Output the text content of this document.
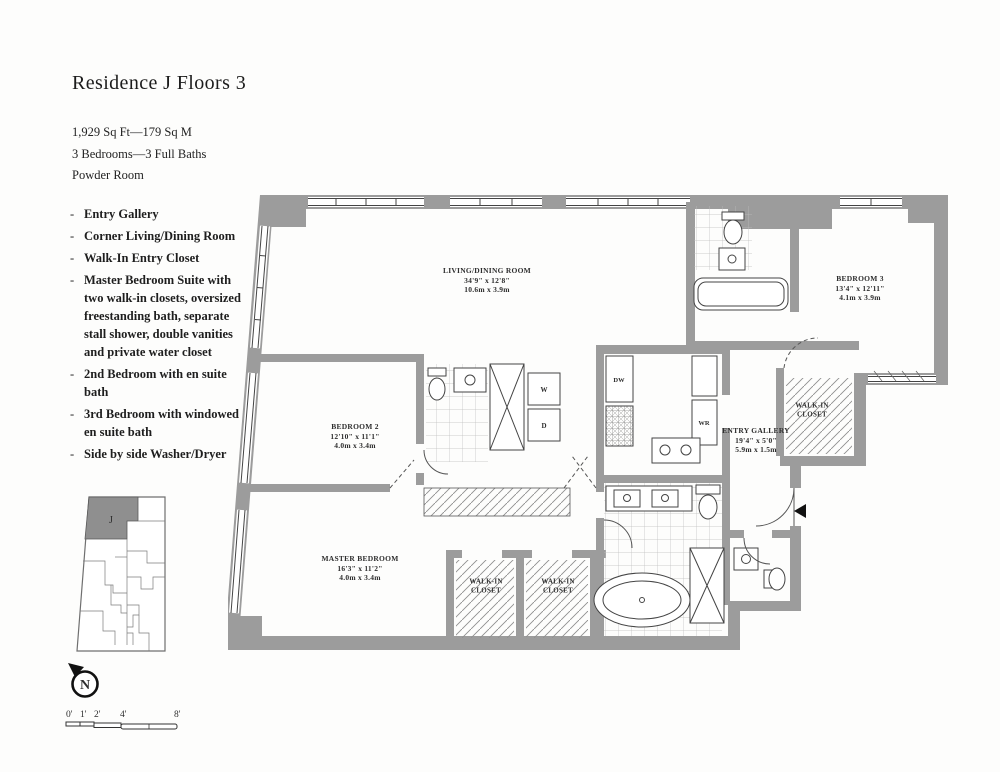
Residence J Floors 3
1,929 Sq Ft—179 Sq M
3 Bedrooms—3 Full Baths
Powder Room
- Entry Gallery
- Corner Living/Dining Room
- Walk-In Entry Closet
- Master Bedroom Suite with two walk-in closets, oversized freestanding bath, separate stall shower, double vanities and private water closet
- 2nd Bedroom with en suite bath
- 3rd Bedroom with windowed en suite bath
- Side by side Washer/Dryer
J
N
0' 1' 2' 4'	8'
W
D
DW
WR
LIVING/DINING ROOM
34'9" x 12'8"
10.6m x 3.9m
BEDROOM 3
13'4" x 12'11"
4.1m x 3.9m
BEDROOM 2
12'10" x 11'1"
4.0m x 3.4m
MASTER BEDROOM
16'3" x 11'2"
4.0m x 3.4m
ENTRY GALLERY
19'4" x 5'0"
5.9m x 1.5m
WALK-IN
CLOSET
WALK-IN
CLOSET
WALK-IN
CLOSET
